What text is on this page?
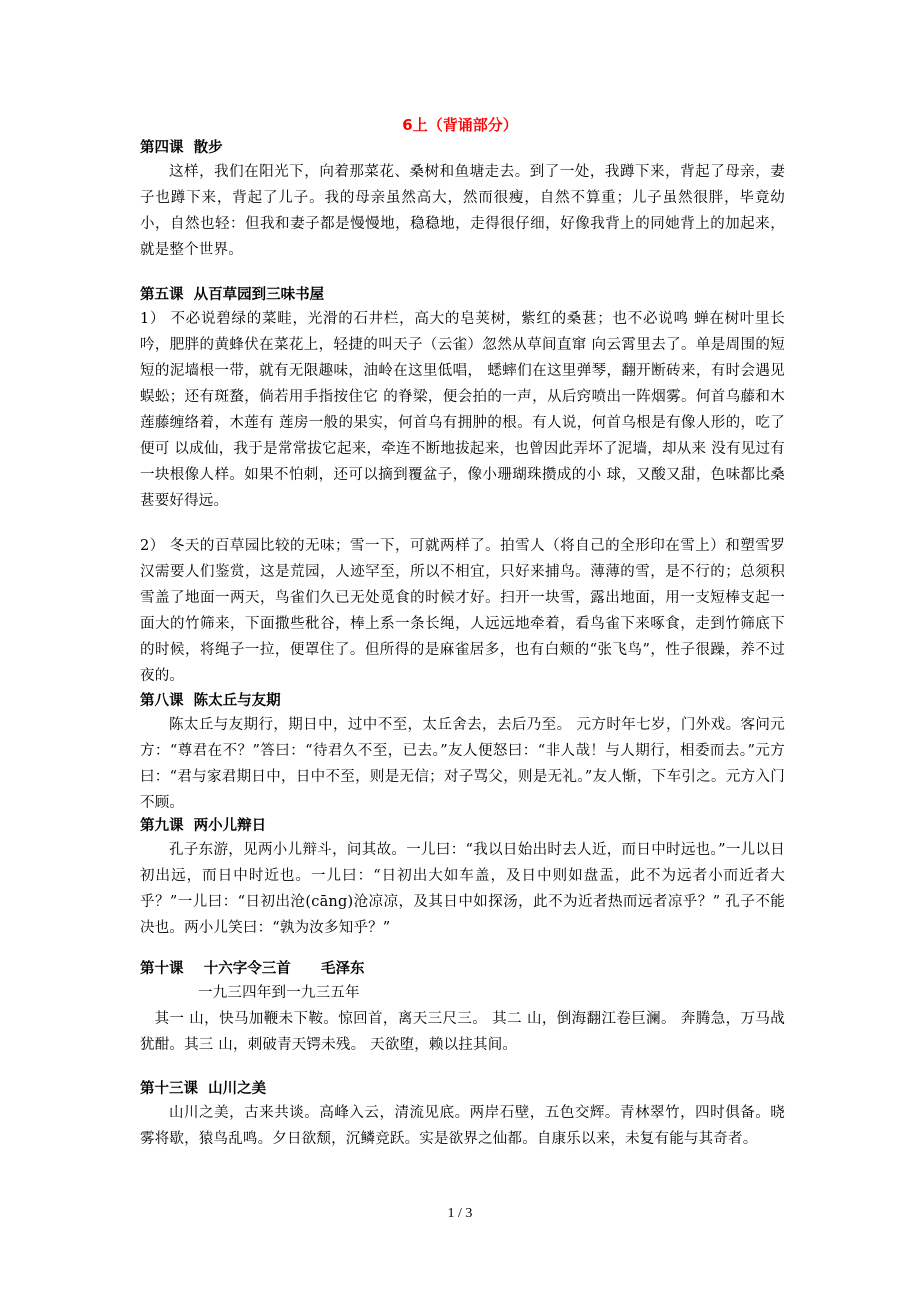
6上（背诵部分）
第四课  散步
这样，我们在阳光下，向着那菜花、桑树和鱼塘走去。到了一处，我蹲下来，背起了母亲，妻子也蹲下来，背起了儿子。我的母亲虽然高大，然而很瘦，自然不算重；儿子虽然很胖，毕竟幼小，自然也轻：但我和妻子都是慢慢地，稳稳地，走得很仔细，好像我背上的同她背上的加起来，就是整个世界。
第五课  从百草园到三味书屋
1） 不必说碧绿的菜畦，光滑的石井栏，高大的皂荚树，紫红的桑葚；也不必说鸣 蝉在树叶里长吟，肥胖的黄蜂伏在菜花上，轻捷的叫天子（云雀）忽然从草间直窜 向云霄里去了。单是周围的短短的泥墙根一带，就有无限趣味，油岭在这里低唱， 蟋蟀们在这里弹琴，翻开断砖来，有时会遇见蜈蚣；还有斑蝥，倘若用手指按住它 的脊梁，便会拍的一声，从后窍喷出一阵烟雾。何首乌藤和木莲藤缠络着，木莲有 莲房一般的果实，何首乌有拥肿的根。有人说，何首乌根是有像人形的，吃了便可 以成仙，我于是常常拔它起来，牵连不断地拔起来，也曾因此弄坏了泥墙，却从来 没有见过有一块根像人样。如果不怕刺，还可以摘到覆盆子，像小珊瑚珠攒成的小 球，又酸又甜，色味都比桑葚要好得远。
2） 冬天的百草园比较的无味；雪一下，可就两样了。拍雪人（将自己的全形印在雪上）和塑雪罗汉需要人们鉴赏，这是荒园，人迹罕至，所以不相宜，只好来捕鸟。薄薄的雪，是不行的；总须积雪盖了地面一两天，鸟雀们久已无处觅食的时候才好。扫开一块雪，露出地面，用一支短棒支起一面大的竹筛来，下面撒些秕谷，棒上系一条长绳，人远远地牵着，看鸟雀下来啄食，走到竹筛底下的时候，将绳子一拉，便罩住了。但所得的是麻雀居多，也有白颊的“张飞鸟”，性子很躁，养不过夜的。
第八课  陈太丘与友期
陈太丘与友期行，期日中，过中不至，太丘舍去，去后乃至。 元方时年七岁，门外戏。客问元方：“尊君在不？”答曰：“待君久不至，已去。”友人便怒曰：“非人哉！与人期行，相委而去。”元方曰：“君与家君期日中，日中不至，则是无信；对子骂父，则是无礼。”友人惭，下车引之。元方入门不顾。
第九课  两小儿辩日
孔子东游，见两小儿辩斗，问其故。一儿曰：“我以日始出时去人近，而日中时远也。”一儿以日初出远，而日中时近也。一儿曰：“日初出大如车盖，及日中则如盘盂，此不为远者小而近者大乎？”一儿曰：“日初出沧(cāng)沧凉凉，及其日中如探汤，此不为近者热而远者凉乎？” 孔子不能决也。两小儿笑曰：“孰为汝多知乎？”
第十课    十六字令三首      毛泽东
一九三四年到一九三五年
其一 山，快马加鞭未下鞍。惊回首，离天三尺三。 其二 山，倒海翻江卷巨澜。 奔腾急，万马战犹酣。其三 山，刺破青天锷未残。 天欲堕，赖以拄其间。
第十三课  山川之美
山川之美，古来共谈。高峰入云，清流见底。两岸石壁，五色交辉。青林翠竹，四时俱备。晓雾将歇，猿鸟乱鸣。夕日欲颓，沉鳞竞跃。实是欲界之仙都。自康乐以来，未复有能与其奇者。
1 / 3
